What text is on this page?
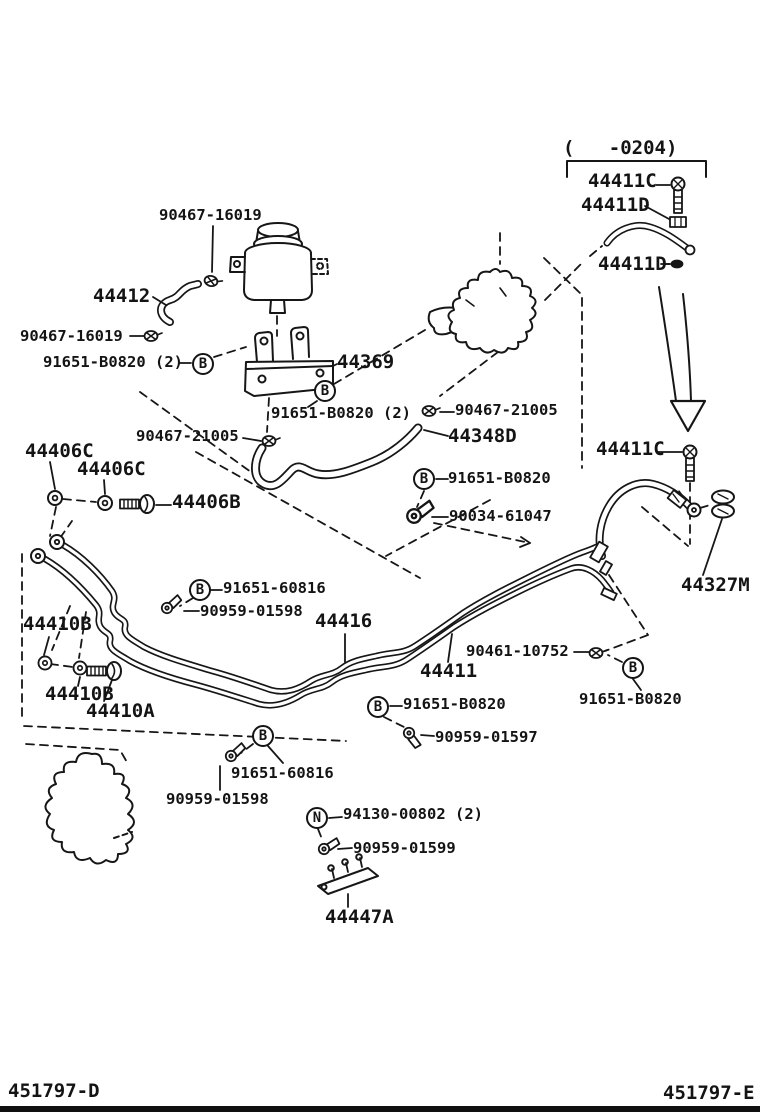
(   -0204)
44411C
44411D
44411D
90467-16019
44412
90467-16019
91651-B0820 (2)	44369
91651-B0820 (2)	90467-21005
44348D
90467-21005
44406C
44406C
44406B
91651-B0820
90034-61047
44411C
44327M
91651-60816
90959-01598 44416
44410B
44410B
44410A
90461-10752
44411
91651-B0820
91651-B0820
90959-01597
91651-60816
90959-01598
94130-00802 (2)
90959-01599
44447A
B
B
B
B
B
B
B
N
451797-D	451797-E
